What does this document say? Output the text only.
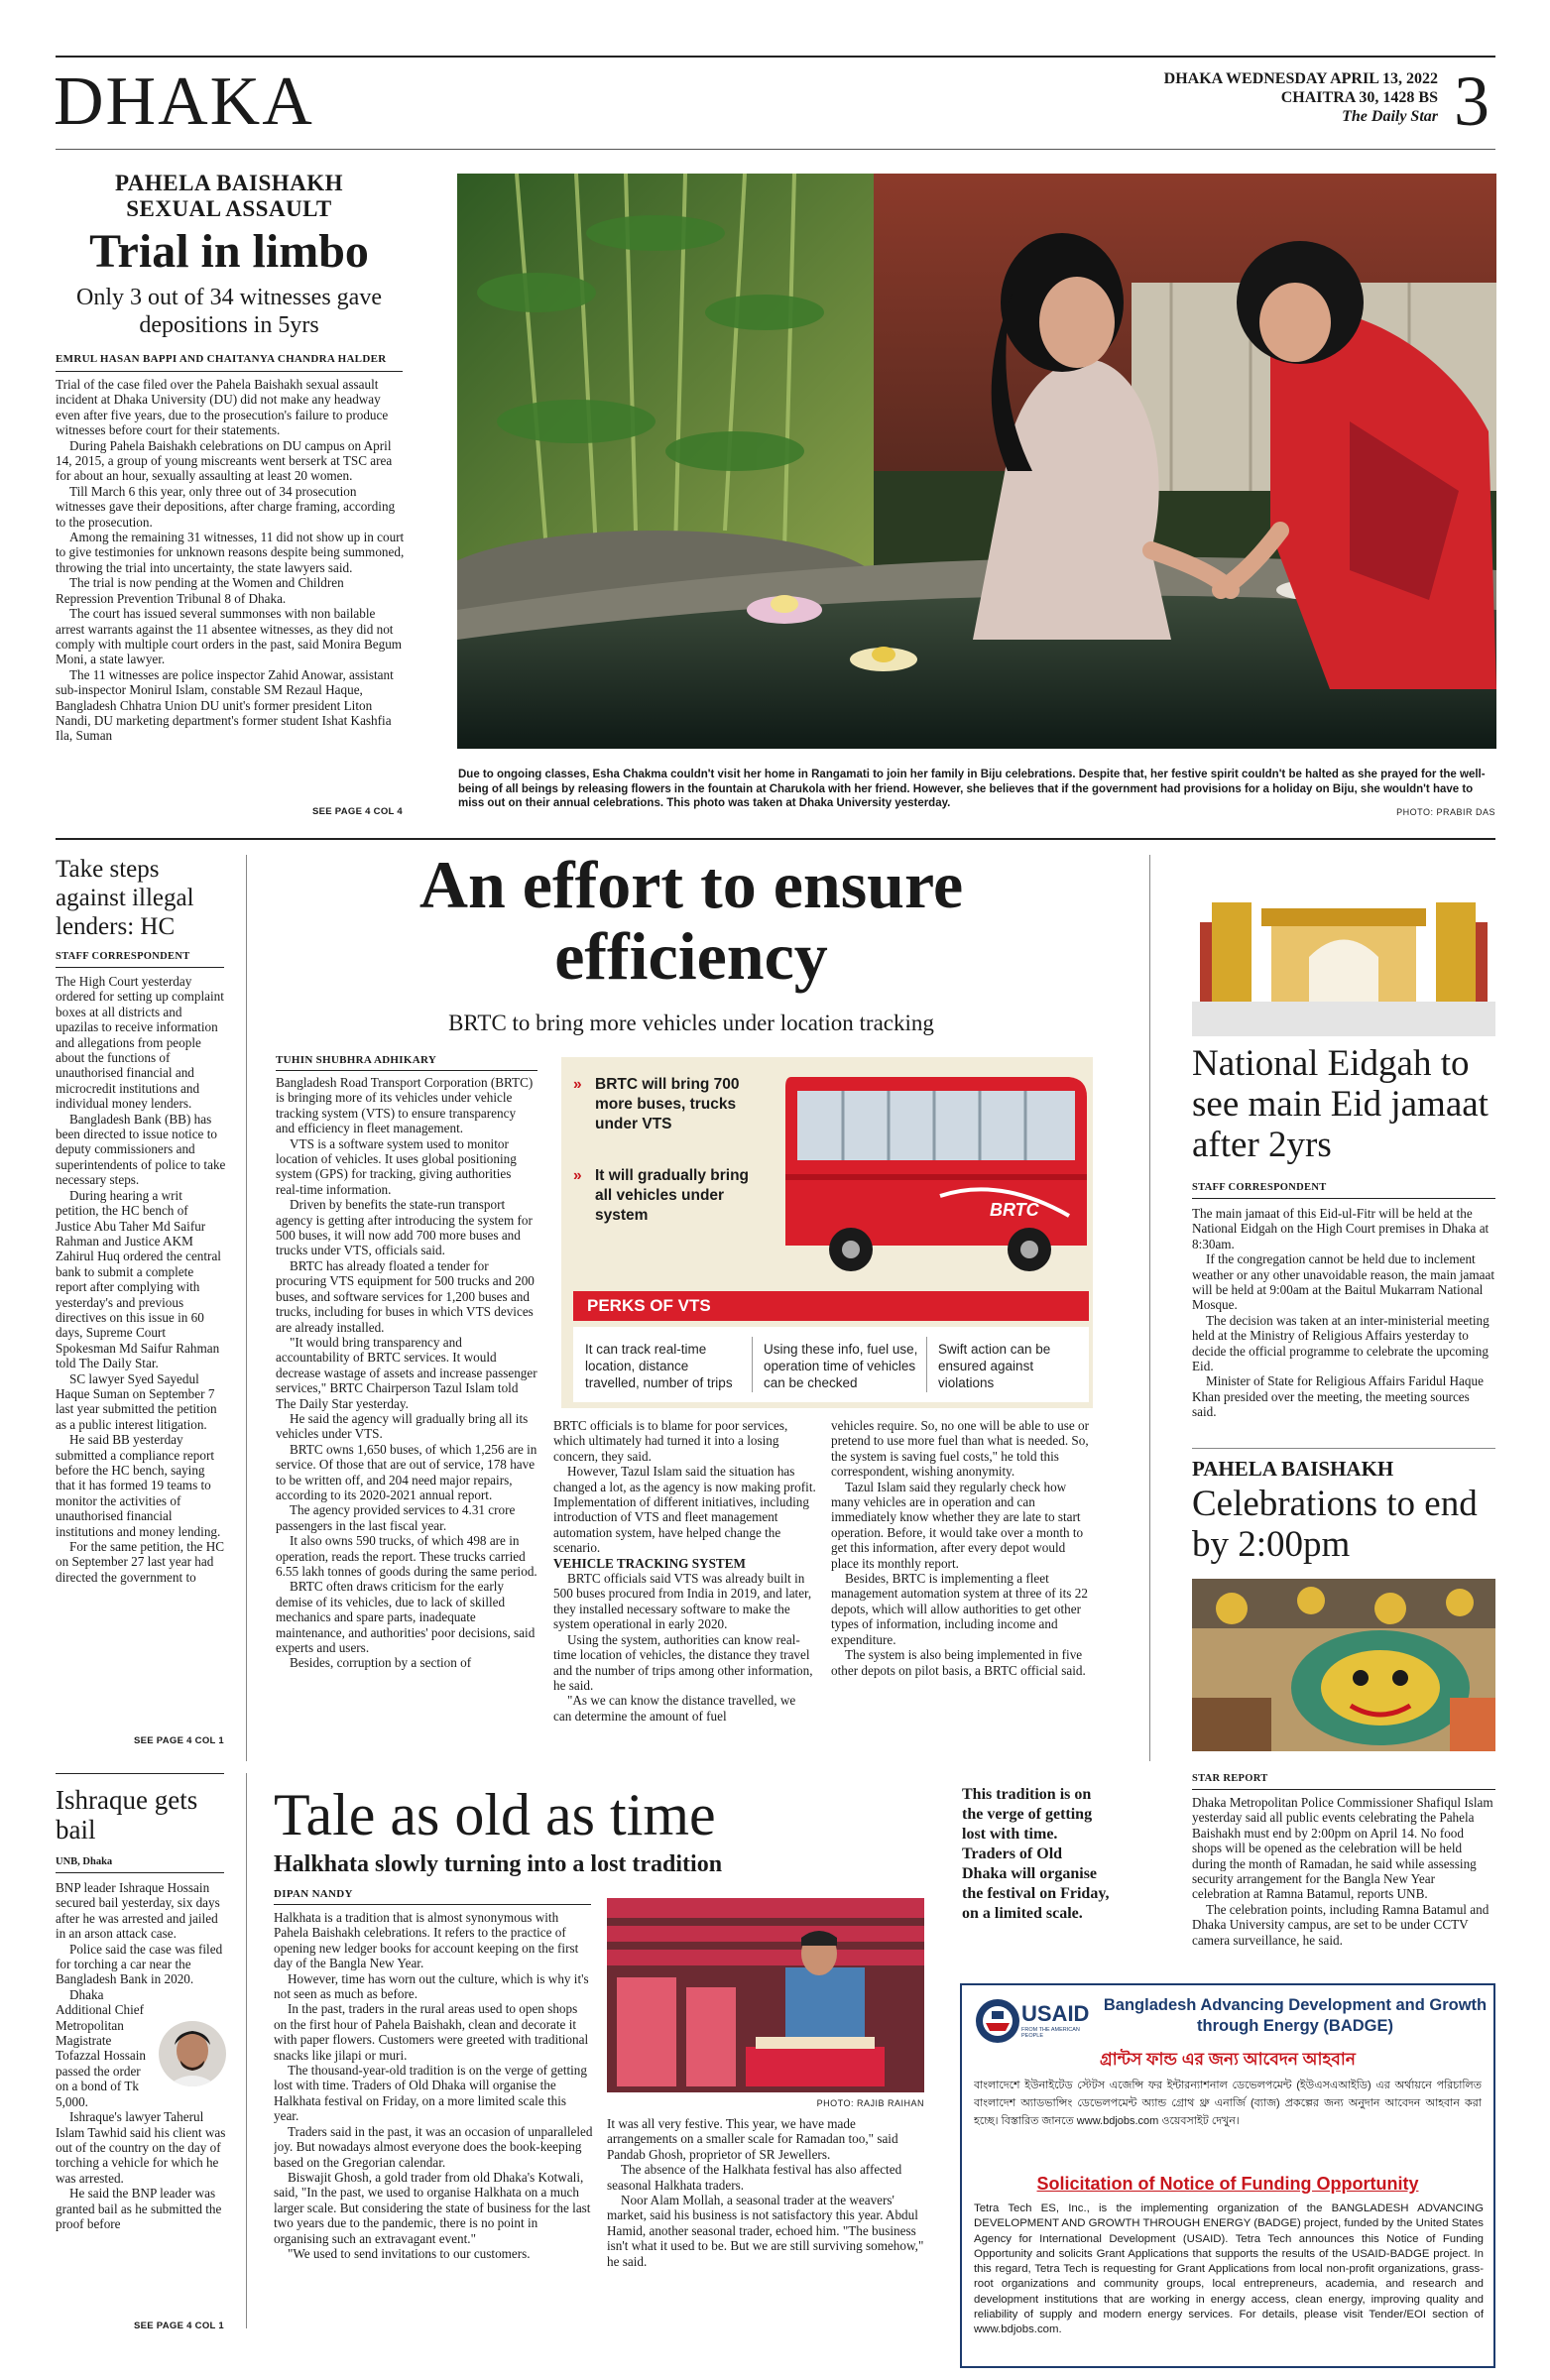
DHAKA	DHAKA WEDNESDAY APRIL 13, 2022
CHAITRA 30, 1428 BS
The Daily Star 3
PAHELA BAISHAKH
SEXUAL ASSAULT
Trial in limbo
Only 3 out of 34 witnesses gave depositions in 5yrs
EMRUL HASAN BAPPI AND CHAITANYA CHANDRA HALDER

Trial of the case filed over the Pahela Baishakh sexual assault incident at Dhaka University (DU) did not make any headway even after five years, due to the prosecution's failure to produce witnesses before court for their statements.

During Pahela Baishakh celebrations on DU campus on April 14, 2015, a group of young miscreants went berserk at TSC area for about an hour, sexually assaulting at least 20 women.

Till March 6 this year, only three out of 34 prosecution witnesses gave their depositions, after charge framing, according to the prosecution.

Among the remaining 31 witnesses, 11 did not show up in court to give testimonies for unknown reasons despite being summoned, throwing the trial into uncertainty, the state lawyers said.

The trial is now pending at the Women and Children Repression Prevention Tribunal 8 of Dhaka.

The court has issued several summonses with non bailable arrest warrants against the 11 absentee witnesses, as they did not comply with multiple court orders in the past, said Monira Begum Moni, a state lawyer.

The 11 witnesses are police inspector Zahid Anowar, assistant sub-inspector Monirul Islam, constable SM Rezaul Haque, Bangladesh Chhatra Union DU unit's former president Liton Nandi, DU marketing department's former student Ishat Kashfia Ila, Suman

SEE PAGE 4 COL 4
Due to ongoing classes, Esha Chakma couldn't visit her home in Rangamati to join her family in Biju celebrations. Despite that, her festive spirit couldn't be halted as she prayed for the well-being of all beings by releasing flowers in the fountain at Charukola with her friend. However, she believes that if the government had provisions for a holiday on Biju, she wouldn't have to miss out on their annual celebrations. This photo was taken at Dhaka University yesterday.
PHOTO: PRABIR DAS
Take steps against illegal lenders: HC
STAFF CORRESPONDENT

The High Court yesterday ordered for setting up complaint boxes at all districts and upazilas to receive information and allegations from people about the functions of unauthorised financial and microcredit institutions and individual money lenders.

Bangladesh Bank (BB) has been directed to issue notice to deputy commissioners and superintendents of police to take necessary steps.

During hearing a writ petition, the HC bench of Justice Abu Taher Md Saifur Rahman and Justice AKM Zahirul Huq ordered the central bank to submit a complete report after complying with yesterday's and previous directives on this issue in 60 days, Supreme Court Spokesman Md Saifur Rahman told The Daily Star.

SC lawyer Syed Sayedul Haque Suman on September 7 last year submitted the petition as a public interest litigation.

He said BB yesterday submitted a compliance report before the HC bench, saying that it has formed 19 teams to monitor the activities of unauthorised financial institutions and money lending.

For the same petition, the HC on September 27 last year had directed the government to

SEE PAGE 4 COL 1
An effort to ensure
efficiency
BRTC to bring more vehicles under location tracking
TUHIN SHUBHRA ADHIKARY

Bangladesh Road Transport Corporation (BRTC) is bringing more of its vehicles under vehicle tracking system (VTS) to ensure transparency and efficiency in fleet management.

VTS is a software system used to monitor location of vehicles. It uses global positioning system (GPS) for tracking, giving authorities real-time information.

Driven by benefits the state-run transport agency is getting after introducing the system for 500 buses, it will now add 700 more buses and trucks under VTS, officials said.

BRTC has already floated a tender for procuring VTS equipment for 500 trucks and 200 buses, and software services for 1,200 buses and trucks, including for buses in which VTS devices are already installed.

"It would bring transparency and accountability of BRTC services. It would decrease wastage of assets and increase passenger services," BRTC Chairperson Tazul Islam told The Daily Star yesterday.

He said the agency will gradually bring all its vehicles under VTS.

BRTC owns 1,650 buses, of which 1,256 are in service. Of those that are out of service, 178 have to be written off, and 204 need major repairs, according to its 2020-2021 annual report.

The agency provided services to 4.31 crore passengers in the last fiscal year.

It also owns 590 trucks, of which 498 are in operation, reads the report. These trucks carried 6.55 lakh tonnes of goods during the same period.

BRTC often draws criticism for the early demise of its vehicles, due to lack of skilled mechanics and spare parts, inadequate maintenance, and authorities' poor decisions, said experts and users.

Besides, corruption by a section of

BRTC officials is to blame for poor services, which ultimately had turned it into a losing concern, they said.

However, Tazul Islam said the situation has changed a lot, as the agency is now making profit. Implementation of different initiatives, including introduction of VTS and fleet management automation system, have helped change the scenario.

VEHICLE TRACKING SYSTEM

BRTC officials said VTS was already built in 500 buses procured from India in 2019, and later, they installed necessary software to make the system operational in early 2020.

Using the system, authorities can know real-time location of vehicles, the distance they travel and the number of trips among other information, he said.

"As we can know the distance travelled, we can determine the amount of fuel

vehicles require. So, no one will be able to use or pretend to use more fuel than what is needed. So, the system is saving fuel costs," he told this correspondent, wishing anonymity.

Tazul Islam said they regularly check how many vehicles are in operation and can immediately know whether they are late to start operation. Before, it would take over a month to get this information, after every depot would place its monthly report.

Besides, BRTC is implementing a fleet management automation system at three of its 22 depots, which will allow authorities to get other types of information, including income and expenditure.

The system is also being implemented in five other depots on pilot basis, a BRTC official said.

» BRTC will bring 700 more buses, trucks under VTS
» It will gradually bring all vehicles under system	BRTC
PERKS OF VTS
It can track real-time location, distance travelled, number of trips
Using these info, fuel use, operation time of vehicles can be checked
Swift action can be ensured against violations
National Eidgah to see main Eid jamaat after 2yrs
STAFF CORRESPONDENT

The main jamaat of this Eid-ul-Fitr will be held at the National Eidgah on the High Court premises in Dhaka at 8:30am.

If the congregation cannot be held due to inclement weather or any other unavoidable reason, the main jamaat will be held at 9:00am at the Baitul Mukarram National Mosque.

The decision was taken at an inter-ministerial meeting held at the Ministry of Religious Affairs yesterday to decide the official programme to celebrate the upcoming Eid.

Minister of State for Religious Affairs Faridul Haque Khan presided over the meeting, the meeting sources said.

PAHELA BAISHAKH
Celebrations to end by 2:00pm
STAR REPORT

Dhaka Metropolitan Police Commissioner Shafiqul Islam yesterday said all public events celebrating the Pahela Baishakh must end by 2:00pm on April 14. No food shops will be opened as the celebration will be held during the month of Ramadan, he said while assessing security arrangement for the Bangla New Year celebration at Ramna Batamul, reports UNB.

The celebration points, including Ramna Batamul and Dhaka University campus, are set to be under CCTV camera surveillance, he said.

Ishraque gets bail
UNB, Dhaka

BNP leader Ishraque Hossain secured bail yesterday, six days after he was arrested and jailed in an arson attack case.

Police said the case was filed for torching a car near the Bangladesh Bank in 2020.

Dhaka Additional Chief Metropolitan Magistrate Tofazzal Hossain passed the order on a bond of Tk 5,000.

Ishraque's lawyer Taherul Islam Tawhid said his client was out of the country on the day of torching a vehicle for which he was arrested.

He said the BNP leader was granted bail as he submitted the proof before

SEE PAGE 4 COL 1
Tale as old as time
Halkhata slowly turning into a lost tradition
DIPAN NANDY

Halkhata is a tradition that is almost synonymous with Pahela Baishakh celebrations. It refers to the practice of opening new ledger books for account keeping on the first day of the Bangla New Year.

However, time has worn out the culture, which is why it's not seen as much as before.

In the past, traders in the rural areas used to open shops on the first hour of Pahela Baishakh, clean and decorate it with paper flowers. Customers were greeted with traditional snacks like jilapi or muri.

The thousand-year-old tradition is on the verge of getting lost with time. Traders of Old Dhaka will organise the Halkhata festival on Friday, on a more limited scale this year.

Traders said in the past, it was an occasion of unparalleled joy. But nowadays almost everyone does the book-keeping based on the Gregorian calendar.

Biswajit Ghosh, a gold trader from old Dhaka's Kotwali, said, "In the past, we used to organise Halkhata on a much larger scale. But considering the state of business for the last two years due to the pandemic, there is no point in organising such an extravagant event."

"We used to send invitations to our customers.

This tradition is on the verge of getting lost with time. Traders of Old Dhaka will organise the festival on Friday, on a limited scale.
PHOTO: RAJIB RAIHAN

It was all very festive. This year, we have made arrangements on a smaller scale for Ramadan too," said Pandab Ghosh, proprietor of SR Jewellers.

The absence of the Halkhata festival has also affected seasonal Halkhata traders.

Noor Alam Mollah, a seasonal trader at the weavers' market, said his business is not satisfactory this year. Abdul Hamid, another seasonal trader, echoed him. "The business isn't what it used to be. But we are still surviving somehow," he said.

USAID
FROM THE AMERICAN PEOPLE
Bangladesh Advancing Development and Growth through Energy (BADGE)
গ্রান্টস ফান্ড এর জন্য আবেদন আহবান
বাংলাদেশে ইউনাইটেড স্টেটস এজেন্সি ফর ইন্টারন্যাশনাল ডেভেলপমেন্ট (ইউএসএআইডি) এর অর্থায়নে পরিচালিত বাংলাদেশ অ্যাডভান্সিং ডেভেলপমেন্ট অ্যান্ড গ্রোথ থ্রু এনার্জি (ব্যাজ) প্রকল্পের জন্য অনুদান আবেদন আহবান করা হচ্ছে। বিস্তারিত জানতে www.bdjobs.com ওয়েবসাইট দেখুন।
Solicitation of Notice of Funding Opportunity
Tetra Tech ES, Inc., is the implementing organization of the BANGLADESH ADVANCING DEVELOPMENT AND GROWTH THROUGH ENERGY (BADGE) project, funded by the United States Agency for International Development (USAID). Tetra Tech announces this Notice of Funding Opportunity and solicits Grant Applications that supports the results of the USAID-BADGE project. In this regard, Tetra Tech is requesting for Grant Applications from local non-profit organizations, grass-root organizations and community groups, local entrepreneurs, academia, and research and development institutions that are working in energy access, clean energy, improving quality and reliability of supply and modern energy services. For details, please visit Tender/EOI section of www.bdjobs.com.
